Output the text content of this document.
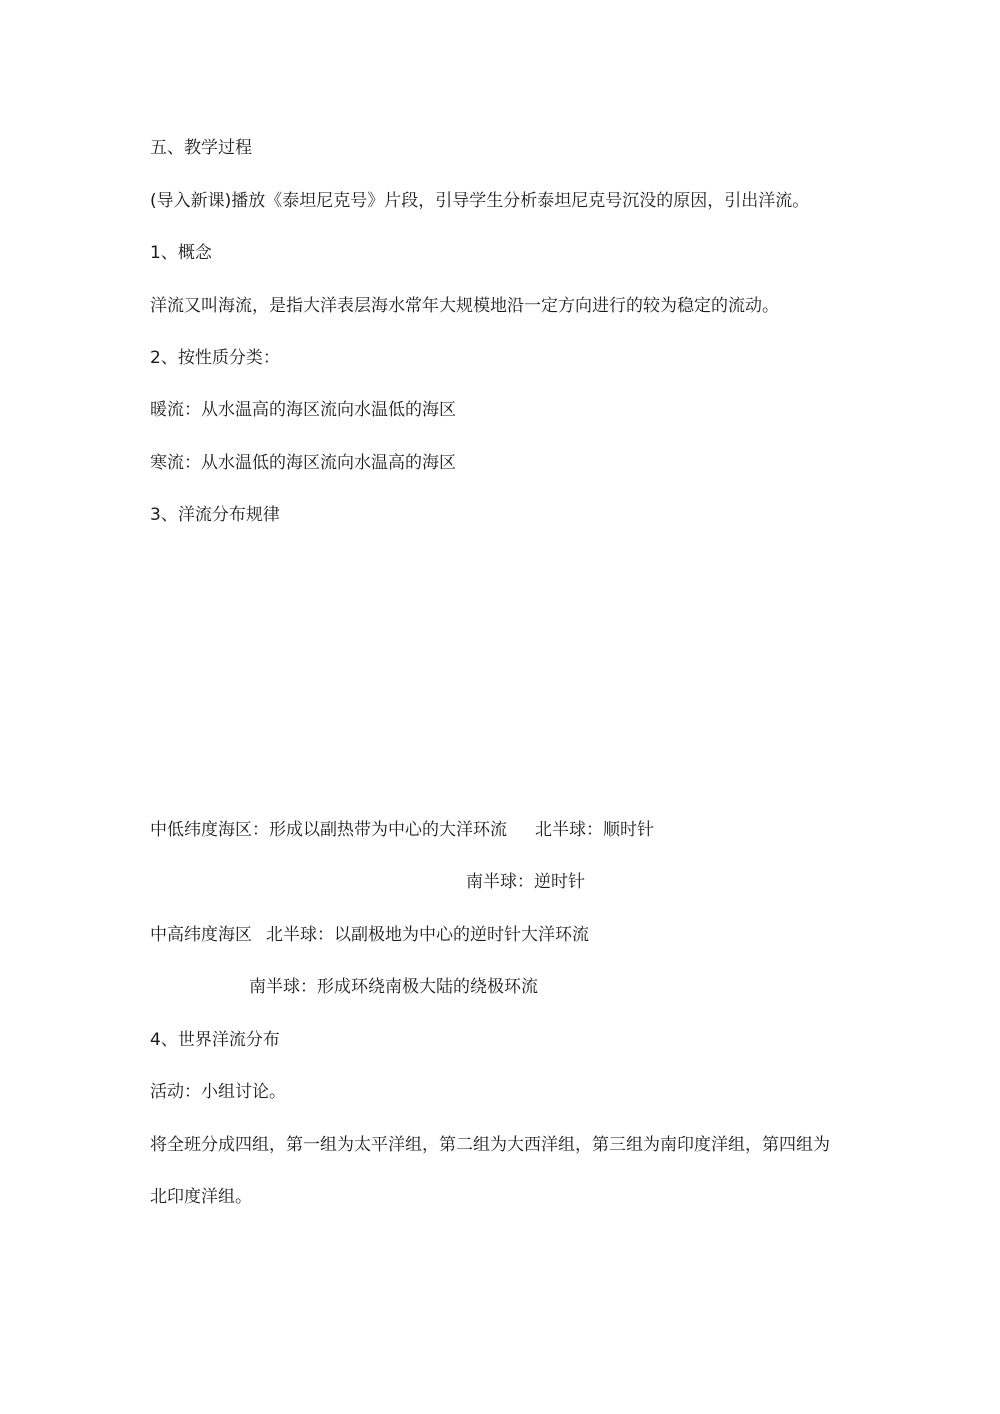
五、教学过程
(导入新课)播放《泰坦尼克号》片段，引导学生分析泰坦尼克号沉没的原因，引出洋流。
1、概念
洋流又叫海流，是指大洋表层海水常年大规模地沿一定方向进行的较为稳定的流动。
2、按性质分类：
暖流：从水温高的海区流向水温低的海区
寒流：从水温低的海区流向水温高的海区
3、洋流分布规律
中低纬度海区：形成以副热带为中心的大洋环流 北半球：顺时针
南半球：逆时针
中高纬度海区 北半球：以副极地为中心的逆时针大洋环流
南半球：形成环绕南极大陆的绕极环流
4、世界洋流分布
活动：小组讨论。
将全班分成四组，第一组为太平洋组，第二组为大西洋组，第三组为南印度洋组，第四组为
北印度洋组。
